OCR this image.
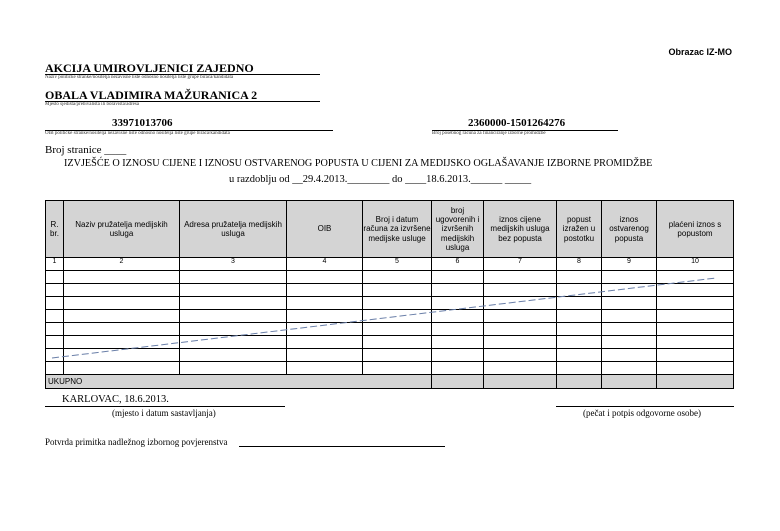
Obrazac IZ-MO
AKCIJA UMIROVLJENICI ZAJEDNO
Naziv političke stranke/nositelja nezavisne liste odnosno nositelja liste grupe birača/kandidata
OBALA VLADIMIRA MAŽURANICA 2
Mjesto sjedišta/prebivališta ili boravišta/adresa
33971013706
OIB političke stranke/nositelja nezavisne liste odnosno nositelja liste grupe birača/kandidata
2360000-1501264276
Broj posebnog računa za financiranje izborne promidžbe
Broj stranice ____
IZVJEŠĆE O IZNOSU CIJENE I IZNOSU OSTVARENOG POPUSTA U CIJENI ZA MEDIJSKO OGLAŠAVANJE IZBORNE PROMIDŽBE
u razdoblju od __29.4.2013.________ do ____18.6.2013.______ _____
R. br.	Naziv pružatelja medijskih usluga	Adresa pružatelja medijskih usluga	OIB	Broj i datum računa za izvršene medijske usluge	broj ugovorenih i izvršenih medijskih usluga	iznos cijene medijskih usluga bez popusta	popust izražen u postotku	iznos ostvarenog popusta	plaćeni iznos s popustom
1	2	3	4	5	6	7	8	9	10

UKUPNO									
KARLOVAC, 18.6.2013.
(mjesto i datum sastavljanja)	(pečat i potpis odgovorne osobe)
Potvrda primitka nadležnog izbornog povjerenstva
